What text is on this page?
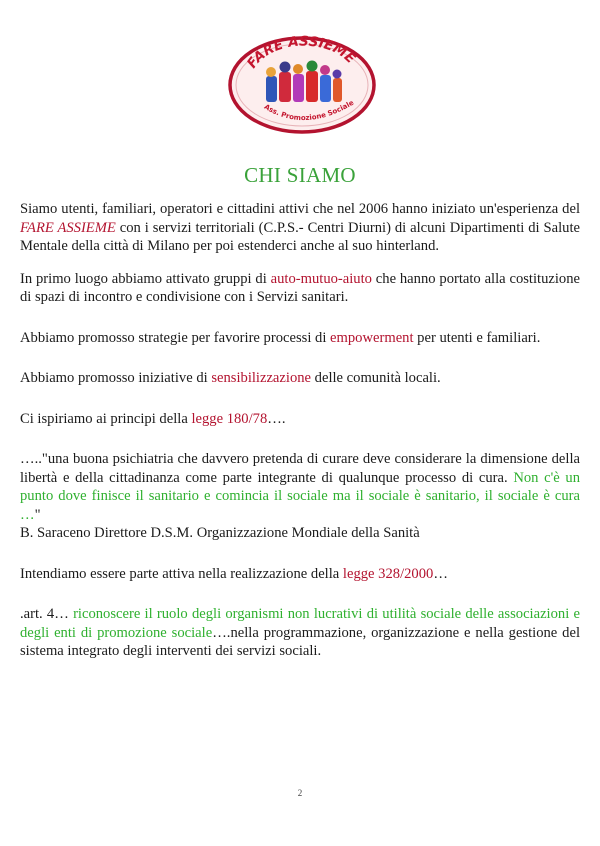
FARE ASSIEME
Ass. Promozione Sociale
CHI SIAMO

Siamo utenti, familiari, operatori e cittadini attivi che nel 2006 hanno iniziato un'esperienza del FARE ASSIEME con i servizi territoriali (C.P.S.- Centri Diurni) di alcuni Dipartimenti di Salute Mentale della città di Milano per poi estenderci anche al suo hinterland.

In primo luogo abbiamo attivato gruppi di auto-mutuo-aiuto che hanno portato alla costituzione di spazi di incontro e condivisione con i Servizi sanitari.

Abbiamo promosso strategie per favorire processi di empowerment per utenti e familiari.

Abbiamo promosso iniziative di sensibilizzazione delle comunità locali.

Ci ispiriamo ai principi della legge 180/78….

….."una buona psichiatria che davvero pretenda di curare deve considerare la dimensione della libertà e della cittadinanza come parte integrante di qualunque processo di cura. Non c'è un punto dove finisce il sanitario e comincia il sociale ma il sociale è sanitario, il sociale è cura …"

B. Saraceno Direttore D.S.M. Organizzazione Mondiale della Sanità

Intendiamo essere parte attiva nella realizzazione della legge 328/2000…

.art. 4… riconoscere il ruolo degli organismi non lucrativi di utilità sociale delle associazioni e degli enti di promozione sociale….nella programmazione, organizzazione e nella gestione del sistema integrato degli interventi dei servizi sociali.

2
